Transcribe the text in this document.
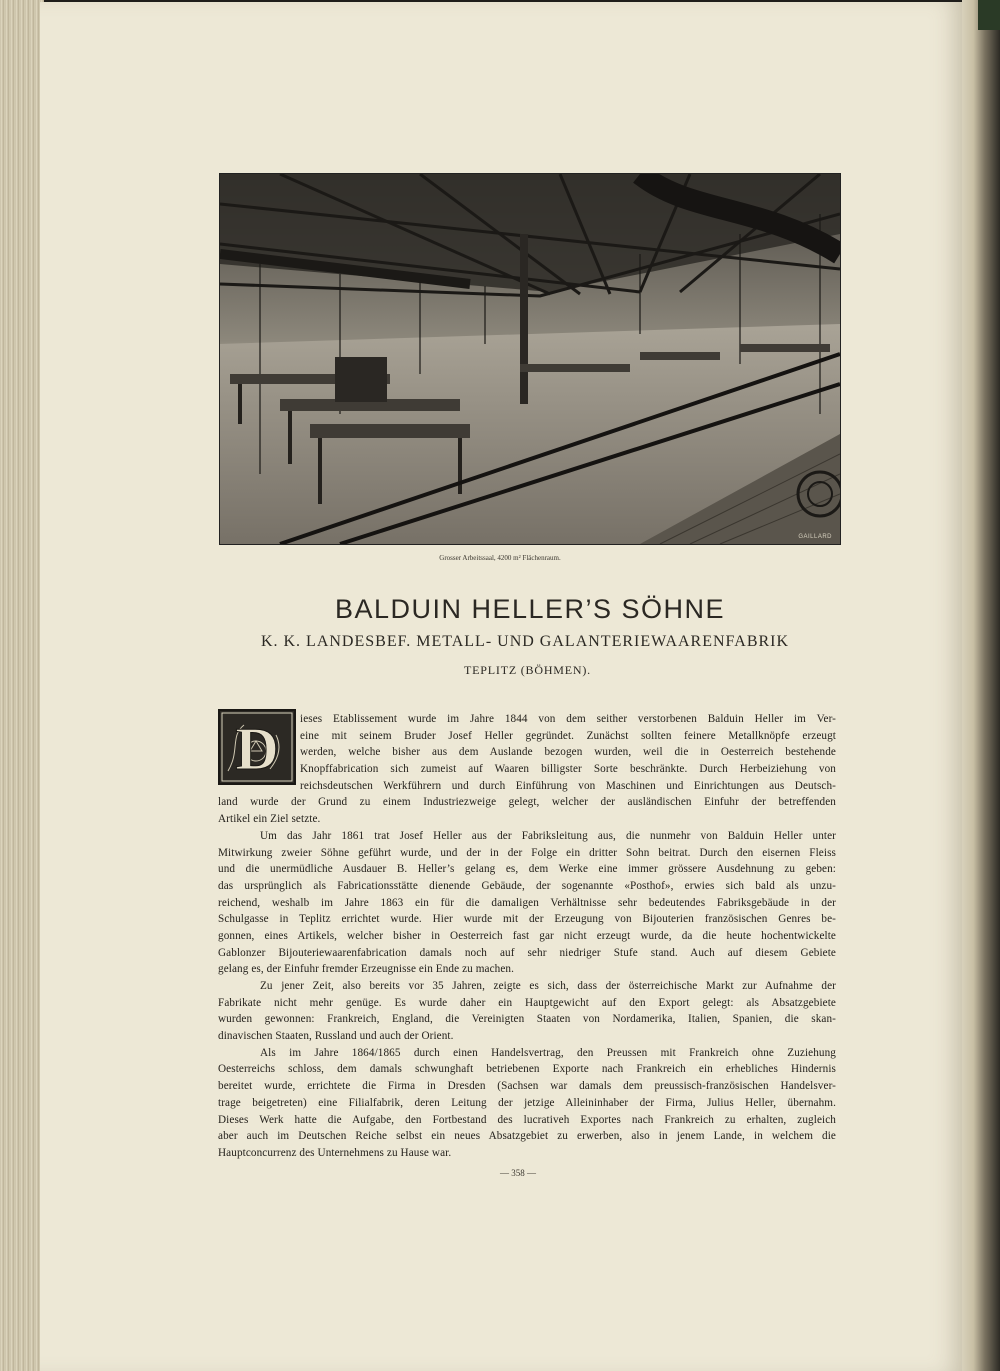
GAILLARD
Grosser Arbeitssaal, 4200 m² Flächenraum.
BALDUIN HELLER’S SÖHNE
K. K. LANDESBEF. METALL- UND GALANTERIEWAARENFABRIK
TEPLITZ (BÖHMEN).
D ieses Etablissement wurde im Jahre 1844 von dem seither verstorbenen Balduin Heller im Ver-
eine mit seinem Bruder Josef Heller gegründet. Zunächst sollten feinere Metallknöpfe erzeugt
werden, welche bisher aus dem Auslande bezogen wurden, weil die in Oesterreich bestehende
Knopffabrication sich zumeist auf Waaren billigster Sorte beschränkte. Durch Herbeiziehung von
reichsdeutschen Werkführern und durch Einführung von Maschinen und Einrichtungen aus Deutsch-
land wurde der Grund zu einem Industriezweige gelegt, welcher der ausländischen Einfuhr der betreffenden
Artikel ein Ziel setzte.
Um das Jahr 1861 trat Josef Heller aus der Fabriksleitung aus, die nunmehr von Balduin Heller unter
Mitwirkung zweier Söhne geführt wurde, und der in der Folge ein dritter Sohn beitrat. Durch den eisernen Fleiss
und die unermüdliche Ausdauer B. Heller’s gelang es, dem Werke eine immer grössere Ausdehnung zu geben:
das ursprünglich als Fabricationsstätte dienende Gebäude, der sogenannte «Posthof», erwies sich bald als unzu-
reichend, weshalb im Jahre 1863 ein für die damaligen Verhältnisse sehr bedeutendes Fabriksgebäude in der
Schulgasse in Teplitz errichtet wurde. Hier wurde mit der Erzeugung von Bijouterien französischen Genres be-
gonnen, eines Artikels, welcher bisher in Oesterreich fast gar nicht erzeugt wurde, da die heute hochentwickelte
Gablonzer Bijouteriewaarenfabrication damals noch auf sehr niedriger Stufe stand. Auch auf diesem Gebiete
gelang es, der Einfuhr fremder Erzeugnisse ein Ende zu machen.
Zu jener Zeit, also bereits vor 35 Jahren, zeigte es sich, dass der österreichische Markt zur Aufnahme der
Fabrikate nicht mehr genüge. Es wurde daher ein Hauptgewicht auf den Export gelegt: als Absatzgebiete
wurden gewonnen: Frankreich, England, die Vereinigten Staaten von Nordamerika, Italien, Spanien, die skan-
dinavischen Staaten, Russland und auch der Orient.
Als im Jahre 1864/1865 durch einen Handelsvertrag, den Preussen mit Frankreich ohne Zuziehung
Oesterreichs schloss, dem damals schwunghaft betriebenen Exporte nach Frankreich ein erhebliches Hindernis
bereitet wurde, errichtete die Firma in Dresden (Sachsen war damals dem preussisch-französischen Handelsver-
trage beigetreten) eine Filialfabrik, deren Leitung der jetzige Alleininhaber der Firma, Julius Heller, übernahm.
Dieses Werk hatte die Aufgabe, den Fortbestand des lucrativeh Exportes nach Frankreich zu erhalten, zugleich
aber auch im Deutschen Reiche selbst ein neues Absatzgebiet zu erwerben, also in jenem Lande, in welchem die
Hauptconcurrenz des Unternehmens zu Hause war.
— 358 —
